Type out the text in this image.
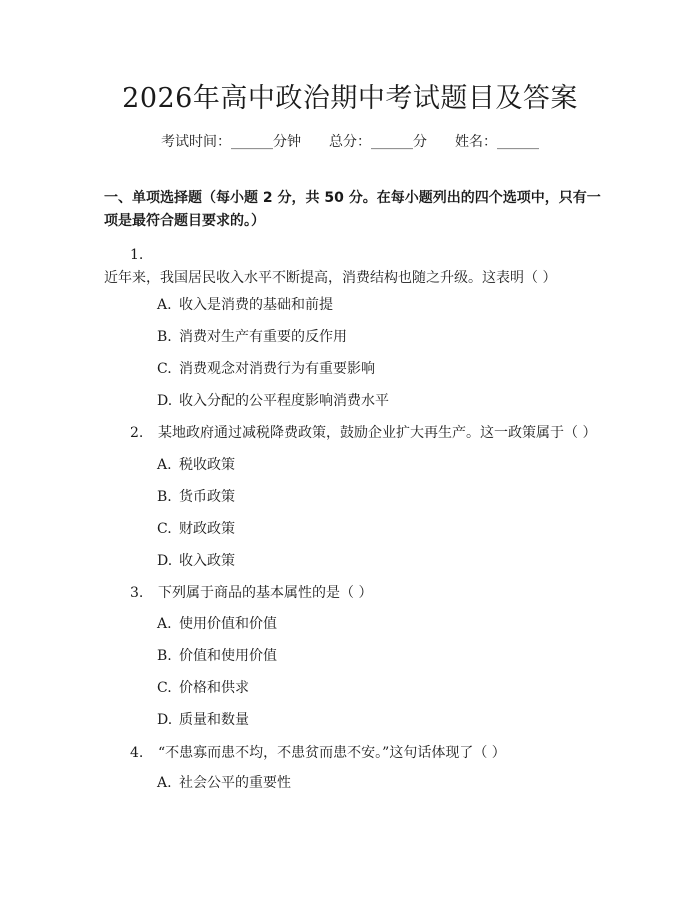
2026年高中政治期中考试题目及答案
考试时间：______分钟 总分：______分 姓名：______
一、单项选择题（每小题 2 分，共 50 分。在每小题列出的四个选项中，只有一项是最符合题目要求的。）
1.近年来，我国居民收入水平不断提高，消费结构也随之升级。这表明（ ）
A. 收入是消费的基础和前提
B. 消费对生产有重要的反作用
C. 消费观念对消费行为有重要影响
D. 收入分配的公平程度影响消费水平
2. 某地政府通过减税降费政策，鼓励企业扩大再生产。这一政策属于（ ）
A. 税收政策
B. 货币政策
C. 财政政策
D. 收入政策
3. 下列属于商品的基本属性的是（ ）
A. 使用价值和价值
B. 价值和使用价值
C. 价格和供求
D. 质量和数量
4. “不患寡而患不均，不患贫而患不安。”这句话体现了（ ）
A. 社会公平的重要性
